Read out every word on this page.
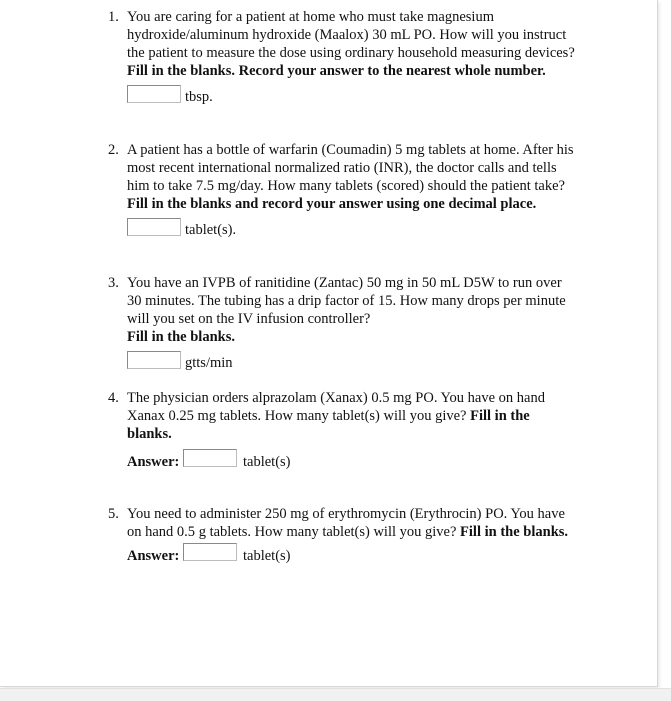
1. You are caring for a patient at home who must take magnesium hydroxide/aluminum hydroxide (Maalox) 30 mL PO. How will you instruct the patient to measure the dose using ordinary household measuring devices?
Fill in the blanks. Record your answer to the nearest whole number.
tbsp.
2. A patient has a bottle of warfarin (Coumadin) 5 mg tablets at home. After his most recent international normalized ratio (INR), the doctor calls and tells him to take 7.5 mg/day. How many tablets (scored) should the patient take?
Fill in the blanks and record your answer using one decimal place.
tablet(s).
3. You have an IVPB of ranitidine (Zantac) 50 mg in 50 mL D5W to run over 30 minutes. The tubing has a drip factor of 15. How many drops per minute will you set on the IV infusion controller?
Fill in the blanks.
gtts/min
4. The physician orders alprazolam (Xanax) 0.5 mg PO. You have on hand Xanax 0.25 mg tablets. How many tablet(s) will you give? Fill in the blanks.
Answer:	tablet(s)
5. You need to administer 250 mg of erythromycin (Erythrocin) PO. You have on hand 0.5 g tablets. How many tablet(s) will you give? Fill in the blanks.
Answer:	tablet(s)
